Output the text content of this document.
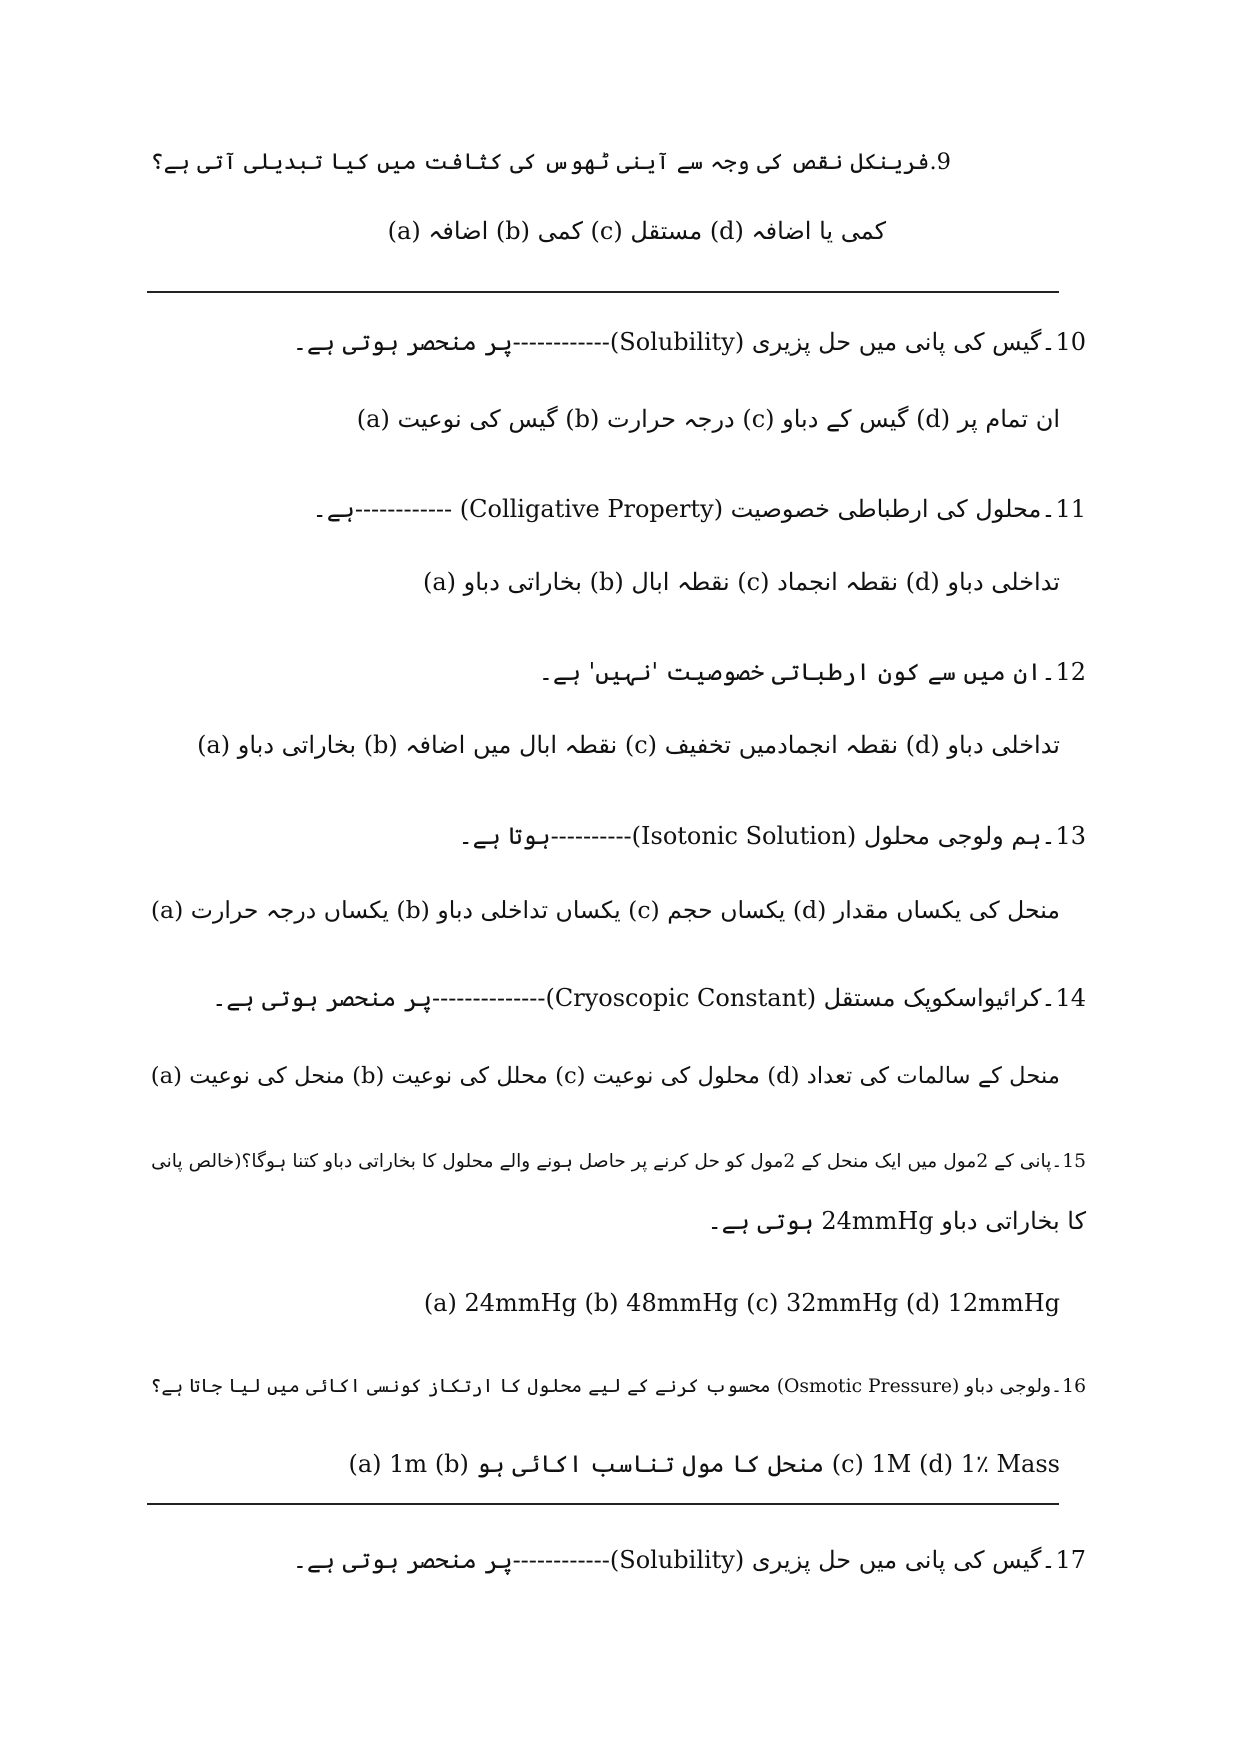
9.فرینکل نقص کی وجہ سے آینی ٹھوس کی کثافت میں کیا تبدیلی آتی ہے؟
(a) اضافہ (b) کمی (c) مستقل (d) کمی یا اضافہ
10۔گیس کی پانی میں حل پزیری (Solubility)------------پر منحصر ہوتی ہے۔
(a) گیس کی نوعیت (b) درجہ حرارت (c) گیس کے دباو (d) ان تمام پر
11۔محلول کی ارطباطی خصوصیت (Colligative Property) ------------ہے۔
(a) بخاراتی دباو (b) نقطہ ابال (c) نقطہ انجماد (d) تداخلی دباو
12۔ان میں سے کون ارطباتی خصوصیت 'نہیں' ہے۔
(a) بخاراتی دباو (b) نقطہ ابال میں اضافہ (c) نقطہ انجمادمیں تخفیف (d) تداخلی دباو
13۔ہم ولوجی محلول (Isotonic Solution)----------ہوتا ہے۔
(a) یکساں درجہ حرارت (b) یکساں تداخلی دباو (c) یکساں حجم (d) منحل کی یکساں مقدار
14۔کرائیواسکوپک مستقل (Cryoscopic Constant)--------------پر منحصر ہوتی ہے۔
(a) منحل کی نوعیت (b) محلل کی نوعیت (c) محلول کی نوعیت (d) منحل کے سالمات کی تعداد
15۔پانی کے 2مول میں ایک منحل کے 2مول کو حل کرنے پر حاصل ہونے والے محلول کا بخاراتی دباو کتنا ہوگا؟(خالص پانی
کا بخاراتی دباو 24mmHg ہوتی ہے۔
(a) 24mmHg (b) 48mmHg (c) 32mmHg (d) 12mmHg
16۔ولوجی دباو (Osmotic Pressure) محسوب کرنے کے لیے محلول کا ارتکاز کونسی اکائی میں لیا جاتا ہے؟
(a) 1m (b) منحل کا مول تناسب اکائی ہو (c) 1M (d) 1٪ Mass
17۔گیس کی پانی میں حل پزیری (Solubility)------------پر منحصر ہوتی ہے۔
